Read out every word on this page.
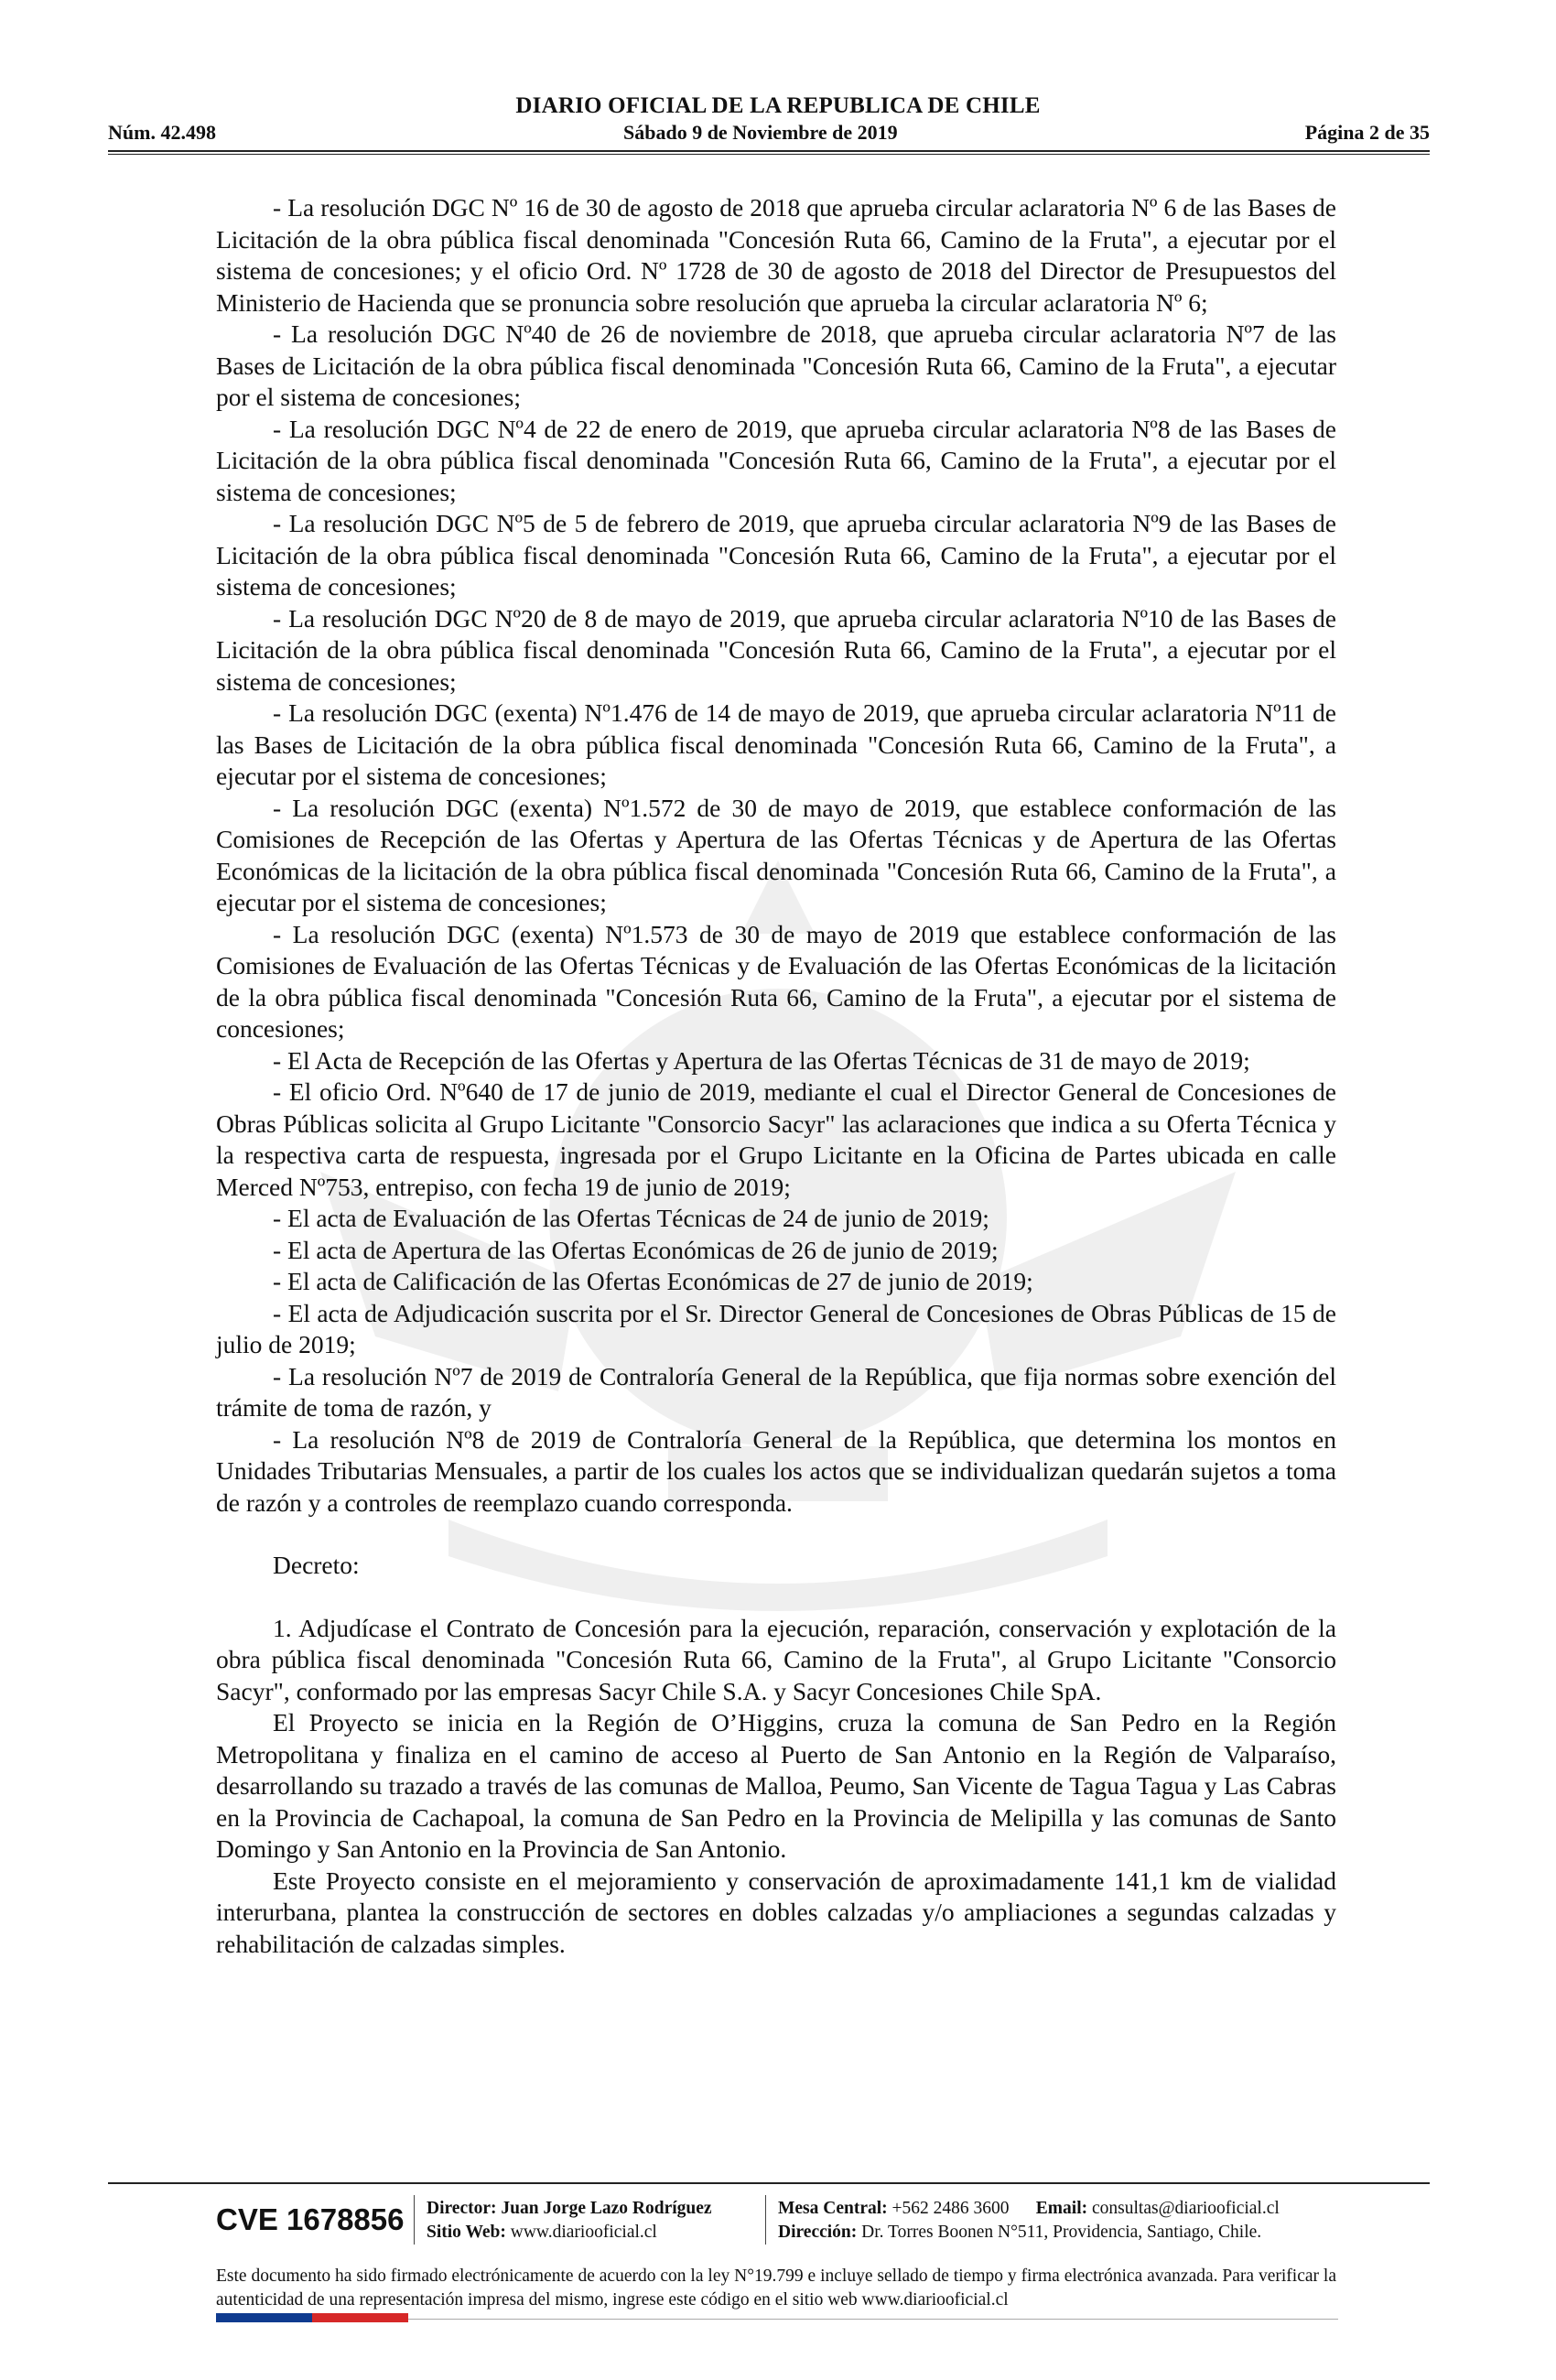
DIARIO OFICIAL DE LA REPUBLICA DE CHILE
Núm. 42.498	Sábado 9 de Noviembre de 2019	Página 2 de 35

- La resolución DGC Nº 16 de 30 de agosto de 2018 que aprueba circular aclaratoria Nº 6 de las Bases de Licitación de la obra pública fiscal denominada "Concesión Ruta 66, Camino de la Fruta", a ejecutar por el sistema de concesiones; y el oficio Ord. Nº 1728 de 30 de agosto de 2018 del Director de Presupuestos del Ministerio de Hacienda que se pronuncia sobre resolución que aprueba la circular aclaratoria Nº 6;

- La resolución DGC Nº40 de 26 de noviembre de 2018, que aprueba circular aclaratoria Nº7 de las Bases de Licitación de la obra pública fiscal denominada "Concesión Ruta 66, Camino de la Fruta", a ejecutar por el sistema de concesiones;

- La resolución DGC Nº4 de 22 de enero de 2019, que aprueba circular aclaratoria Nº8 de las Bases de Licitación de la obra pública fiscal denominada "Concesión Ruta 66, Camino de la Fruta", a ejecutar por el sistema de concesiones;

- La resolución DGC Nº5 de 5 de febrero de 2019, que aprueba circular aclaratoria Nº9 de las Bases de Licitación de la obra pública fiscal denominada "Concesión Ruta 66, Camino de la Fruta", a ejecutar por el sistema de concesiones;

- La resolución DGC Nº20 de 8 de mayo de 2019, que aprueba circular aclaratoria Nº10 de las Bases de Licitación de la obra pública fiscal denominada "Concesión Ruta 66, Camino de la Fruta", a ejecutar por el sistema de concesiones;

- La resolución DGC (exenta) Nº1.476 de 14 de mayo de 2019, que aprueba circular aclaratoria Nº11 de las Bases de Licitación de la obra pública fiscal denominada "Concesión Ruta 66, Camino de la Fruta", a ejecutar por el sistema de concesiones;

- La resolución DGC (exenta) Nº1.572 de 30 de mayo de 2019, que establece conformación de las Comisiones de Recepción de las Ofertas y Apertura de las Ofertas Técnicas y de Apertura de las Ofertas Económicas de la licitación de la obra pública fiscal denominada "Concesión Ruta 66, Camino de la Fruta", a ejecutar por el sistema de concesiones;

- La resolución DGC (exenta) Nº1.573 de 30 de mayo de 2019 que establece conformación de las Comisiones de Evaluación de las Ofertas Técnicas y de Evaluación de las Ofertas Económicas de la licitación de la obra pública fiscal denominada "Concesión Ruta 66, Camino de la Fruta", a ejecutar por el sistema de concesiones;

- El Acta de Recepción de las Ofertas y Apertura de las Ofertas Técnicas de 31 de mayo de 2019;

- El oficio Ord. Nº640 de 17 de junio de 2019, mediante el cual el Director General de Concesiones de Obras Públicas solicita al Grupo Licitante "Consorcio Sacyr" las aclaraciones que indica a su Oferta Técnica y la respectiva carta de respuesta, ingresada por el Grupo Licitante en la Oficina de Partes ubicada en calle Merced Nº753, entrepiso, con fecha 19 de junio de 2019;

- El acta de Evaluación de las Ofertas Técnicas de 24 de junio de 2019;

- El acta de Apertura de las Ofertas Económicas de 26 de junio de 2019;

- El acta de Calificación de las Ofertas Económicas de 27 de junio de 2019;

- El acta de Adjudicación suscrita por el Sr. Director General de Concesiones de Obras Públicas de 15 de julio de 2019;

- La resolución Nº7 de 2019 de Contraloría General de la República, que fija normas sobre exención del trámite de toma de razón, y

- La resolución Nº8 de 2019 de Contraloría General de la República, que determina los montos en Unidades Tributarias Mensuales, a partir de los cuales los actos que se individualizan quedarán sujetos a toma de razón y a controles de reemplazo cuando corresponda.

Decreto:

1. Adjudícase el Contrato de Concesión para la ejecución, reparación, conservación y explotación de la obra pública fiscal denominada "Concesión Ruta 66, Camino de la Fruta", al Grupo Licitante "Consorcio Sacyr", conformado por las empresas Sacyr Chile S.A. y Sacyr Concesiones Chile SpA.

El Proyecto se inicia en la Región de O’Higgins, cruza la comuna de San Pedro en la Región Metropolitana y finaliza en el camino de acceso al Puerto de San Antonio en la Región de Valparaíso, desarrollando su trazado a través de las comunas de Malloa, Peumo, San Vicente de Tagua Tagua y Las Cabras en la Provincia de Cachapoal, la comuna de San Pedro en la Provincia de Melipilla y las comunas de Santo Domingo y San Antonio en la Provincia de San Antonio.

Este Proyecto consiste en el mejoramiento y conservación de aproximadamente 141,1 km de vialidad interurbana, plantea la construcción de sectores en dobles calzadas y/o ampliaciones a segundas calzadas y rehabilitación de calzadas simples.

CVE 1678856 Director: Juan Jorge Lazo Rodríguez
Sitio Web: www.diariooficial.cl
Mesa Central: +562 2486 3600 Email: consultas@diariooficial.cl
Dirección: Dr. Torres Boonen N°511, Providencia, Santiago, Chile.
Este documento ha sido firmado electrónicamente de acuerdo con la ley N°19.799 e incluye sellado de tiempo y firma electrónica avanzada. Para verificar la autenticidad de una representación impresa del mismo, ingrese este código en el sitio web www.diariooficial.cl
